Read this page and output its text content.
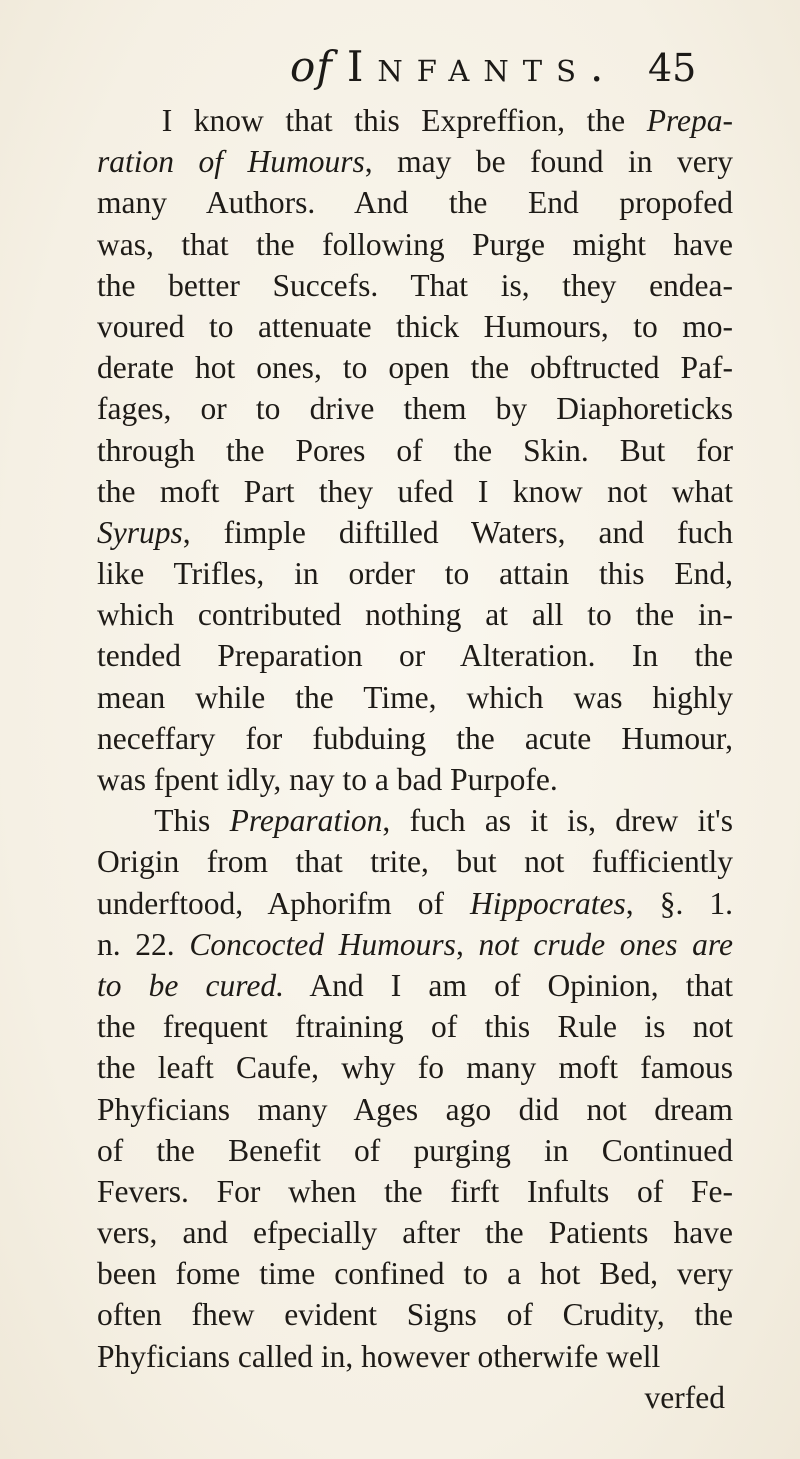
of Infants. 45
I know that this Expreffion, the Prepa-
ration of Humours, may be found in very
many Authors. And the End propofed
was, that the following Purge might have
the better Succefs. That is, they endea-
voured to attenuate thick Humours, to mo-
derate hot ones, to open the obftructed Paf-
fages, or to drive them by Diaphoreticks
through the Pores of the Skin. But for
the moft Part they ufed I know not what
Syrups, fimple diftilled Waters, and fuch
like Trifles, in order to attain this End,
which contributed nothing at all to the in-
tended Preparation or Alteration. In the
mean while the Time, which was highly
neceffary for fubduing the acute Humour,
was fpent idly, nay to a bad Purpofe.
This Preparation, fuch as it is, drew it's
Origin from that trite, but not fufficiently
underftood, Aphorifm of Hippocrates, §. 1.
n. 22. Concocted Humours, not crude ones are
to be cured. And I am of Opinion, that
the frequent ftraining of this Rule is not
the leaft Caufe, why fo many moft famous
Phyficians many Ages ago did not dream
of the Benefit of purging in Continued
Fevers. For when the firft Infults of Fe-
vers, and efpecially after the Patients have
been fome time confined to a hot Bed, very
often fhew evident Signs of Crudity, the
Phyficians called in, however otherwife well
verfed
